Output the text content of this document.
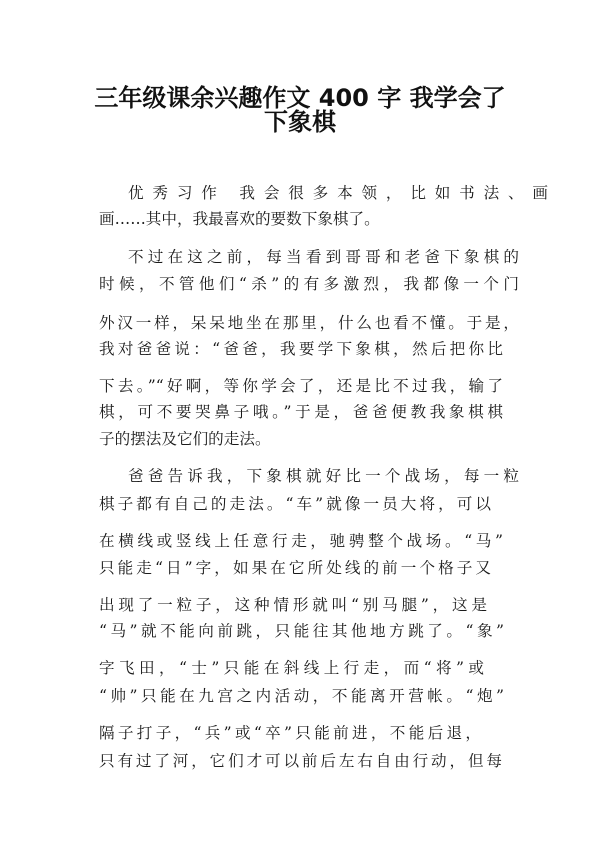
三年级课余兴趣作文 400 字 我学会了
下象棋

优秀习作 我会很多本领，比如书法、画

画……其中，我最喜欢的要数下象棋了。

不过在这之前，每当看到哥哥和老爸下象棋的

时候，不管他们“杀”的有多激烈，我都像一个门

外汉一样，呆呆地坐在那里，什么也看不懂。于是，

我对爸爸说：“爸爸，我要学下象棋，然后把你比

下去。”“好啊，等你学会了，还是比不过我，输了

棋，可不要哭鼻子哦。”于是，爸爸便教我象棋棋

子的摆法及它们的走法。

爸爸告诉我，下象棋就好比一个战场，每一粒

棋子都有自己的走法。“车”就像一员大将，可以

在横线或竖线上任意行走，驰骋整个战场。“马”

只能走“日”字，如果在它所处线的前一个格子又

出现了一粒子，这种情形就叫“别马腿”，这是

“马”就不能向前跳，只能往其他地方跳了。“象”

字飞田，“士”只能在斜线上行走，而“将”或

“帅”只能在九宫之内活动，不能离开营帐。“炮”

隔子打子，“兵”或“卒”只能前进，不能后退，

只有过了河，它们才可以前后左右自由行动，但每
